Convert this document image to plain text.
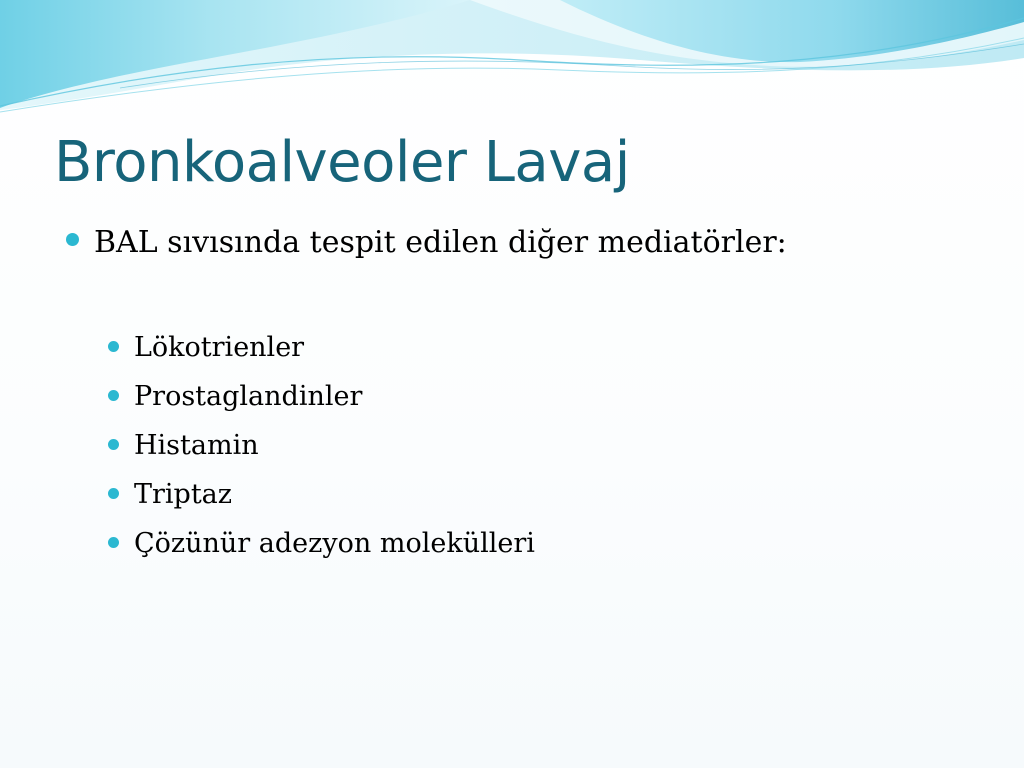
Bronkoalveoler Lavaj
BAL sıvısında tespit edilen diğer mediatörler:
Lökotrienler
Prostaglandinler
Histamin
Triptaz
Çözünür adezyon molekülleri
